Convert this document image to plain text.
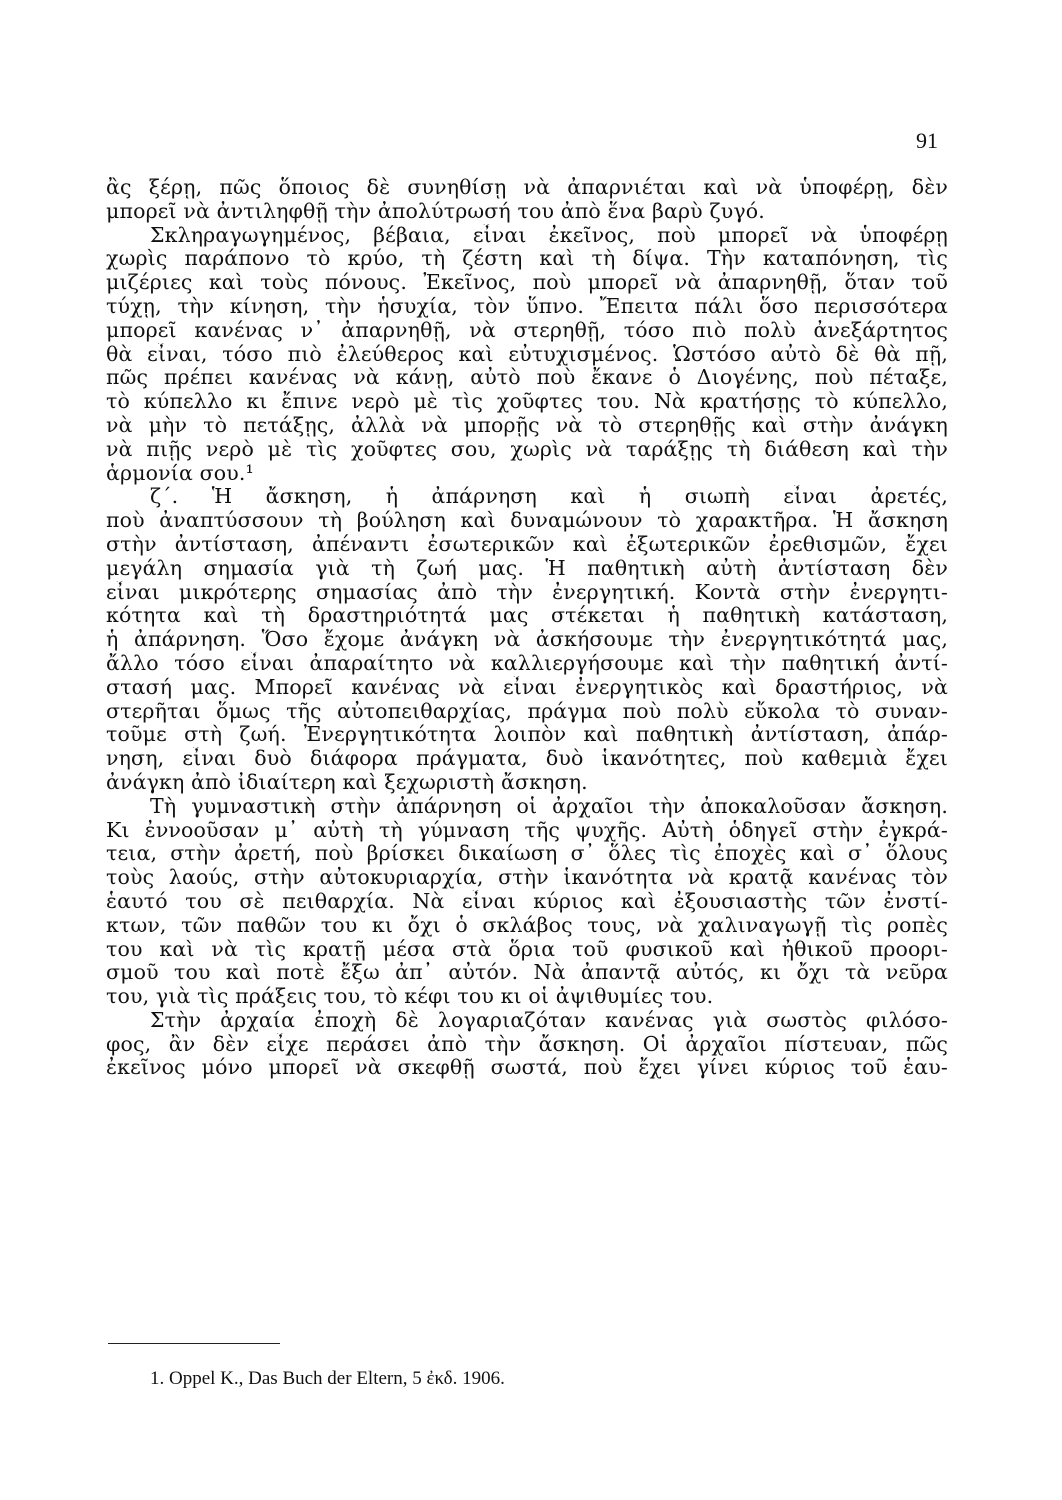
91
ἂς ξέρῃ, πῶς ὅποιος δὲ συνηθίσῃ νὰ ἀπαρνιέται καὶ νὰ ὑποφέρῃ, δὲν
μπορεῖ νὰ ἀντιληφθῇ τὴν ἀπολύτρωσή του ἀπὸ ἕνα βαρὺ ζυγό.
Σκληραγωγημένος, βέβαια, εἶναι ἐκεῖνος, ποὺ μπορεῖ νὰ ὑποφέρῃ
χωρὶς παράπονο τὸ κρύο, τὴ ζέστη καὶ τὴ δίψα. Τὴν καταπόνηση, τὶς
μιζέριες καὶ τοὺς πόνους. Ἐκεῖνος, ποὺ μπορεῖ νὰ ἀπαρνηθῇ, ὅταν τοῦ
τύχῃ, τὴν κίνηση, τὴν ἡσυχία, τὸν ὕπνο. Ἔπειτα πάλι ὅσο περισσότερα
μπορεῖ κανένας ν᾽ ἀπαρνηθῇ, νὰ στερηθῇ, τόσο πιὸ πολὺ ἀνεξάρτητος
θὰ εἶναι, τόσο πιὸ ἐλεύθερος καὶ εὐτυχισμένος. Ὡστόσο αὐτὸ δὲ θὰ πῇ,
πῶς πρέπει κανένας νὰ κάνῃ, αὐτὸ ποὺ ἔκανε ὁ Διογένης, ποὺ πέταξε,
τὸ κύπελλο κι ἔπινε νερὸ μὲ τὶς χοῦφτες του. Νὰ κρατήσῃς τὸ κύπελλο,
νὰ μὴν τὸ πετάξῃς, ἀλλὰ νὰ μπορῇς νὰ τὸ στερηθῇς καὶ στὴν ἀνάγκη
νὰ πιῇς νερὸ μὲ τὶς χοῦφτες σου, χωρὶς νὰ ταράξῃς τὴ διάθεση καὶ τὴν
ἁρμονία σου.¹
ζ΄. Ἡ ἄσκηση, ἡ ἀπάρνηση καὶ ἡ σιωπὴ εἶναι ἀρετές,
ποὺ ἀναπτύσσουν τὴ βούληση καὶ δυναμώνουν τὸ χαρακτῆρα. Ἡ ἄσκηση
στὴν ἀντίσταση, ἀπέναντι ἐσωτερικῶν καὶ ἐξωτερικῶν ἐρεθισμῶν, ἔχει
μεγάλη σημασία γιὰ τὴ ζωή μας. Ἡ παθητικὴ αὐτὴ ἀντίσταση δὲν
εἶναι μικρότερης σημασίας ἀπὸ τὴν ἐνεργητική. Κοντὰ στὴν ἐνεργητι-
κότητα καὶ τὴ δραστηριότητά μας στέκεται ἡ παθητικὴ κατάσταση,
ἡ ἀπάρνηση. Ὅσο ἔχομε ἀνάγκη νὰ ἀσκήσουμε τὴν ἐνεργητικότητά μας,
ἄλλο τόσο εἶναι ἀπαραίτητο νὰ καλλιεργήσουμε καὶ τὴν παθητική ἀντί-
στασή μας. Μπορεῖ κανένας νὰ εἶναι ἐνεργητικὸς καὶ δραστήριος, νὰ
στερῆται ὅμως τῆς αὐτοπειθαρχίας, πράγμα ποὺ πολὺ εὔκολα τὸ συναν-
τοῦμε στὴ ζωή. Ἐνεργητικότητα λοιπὸν καὶ παθητικὴ ἀντίσταση, ἀπάρ-
νηση, εἶναι δυὸ διάφορα πράγματα, δυὸ ἱκανότητες, ποὺ καθεμιὰ ἔχει
ἀνάγκη ἀπὸ ἰδιαίτερη καὶ ξεχωριστὴ ἄσκηση.
Τὴ γυμναστικὴ στὴν ἀπάρνηση οἱ ἀρχαῖοι τὴν ἀποκαλοῦσαν ἄσκηση.
Κι ἐννοοῦσαν μ᾽ αὐτὴ τὴ γύμναση τῆς ψυχῆς. Αὐτὴ ὁδηγεῖ στὴν ἐγκρά-
τεια, στὴν ἀρετή, ποὺ βρίσκει δικαίωση σ᾽ ὅλες τὶς ἐποχὲς καὶ σ᾽ ὅλους
τοὺς λαούς, στὴν αὐτοκυριαρχία, στὴν ἱκανότητα νὰ κρατᾷ κανένας τὸν
ἑαυτό του σὲ πειθαρχία. Νὰ εἶναι κύριος καὶ ἐξουσιαστὴς τῶν ἐνστί-
κτων, τῶν παθῶν του κι ὄχι ὁ σκλάβος τους, νὰ χαλιναγωγῇ τὶς ροπὲς
του καὶ νὰ τὶς κρατῇ μέσα στὰ ὅρια τοῦ φυσικοῦ καὶ ἠθικοῦ προορι-
σμοῦ του καὶ ποτὲ ἔξω ἀπ᾽ αὐτόν. Νὰ ἀπαντᾷ αὐτός, κι ὄχι τὰ νεῦρα
του, γιὰ τὶς πράξεις του, τὸ κέφι του κι οἱ ἀψιθυμίες του.
Στὴν ἀρχαία ἐποχὴ δὲ λογαριαζόταν κανένας γιὰ σωστὸς φιλόσο-
φος, ἂν δὲν εἶχε περάσει ἀπὸ τὴν ἄσκηση. Οἱ ἀρχαῖοι πίστευαν, πῶς
ἐκεῖνος μόνο μπορεῖ νὰ σκεφθῇ σωστά, ποὺ ἔχει γίνει κύριος τοῦ ἑαυ-
1. Oppel K., Das Buch der Eltern, 5 ἐκδ. 1906.
